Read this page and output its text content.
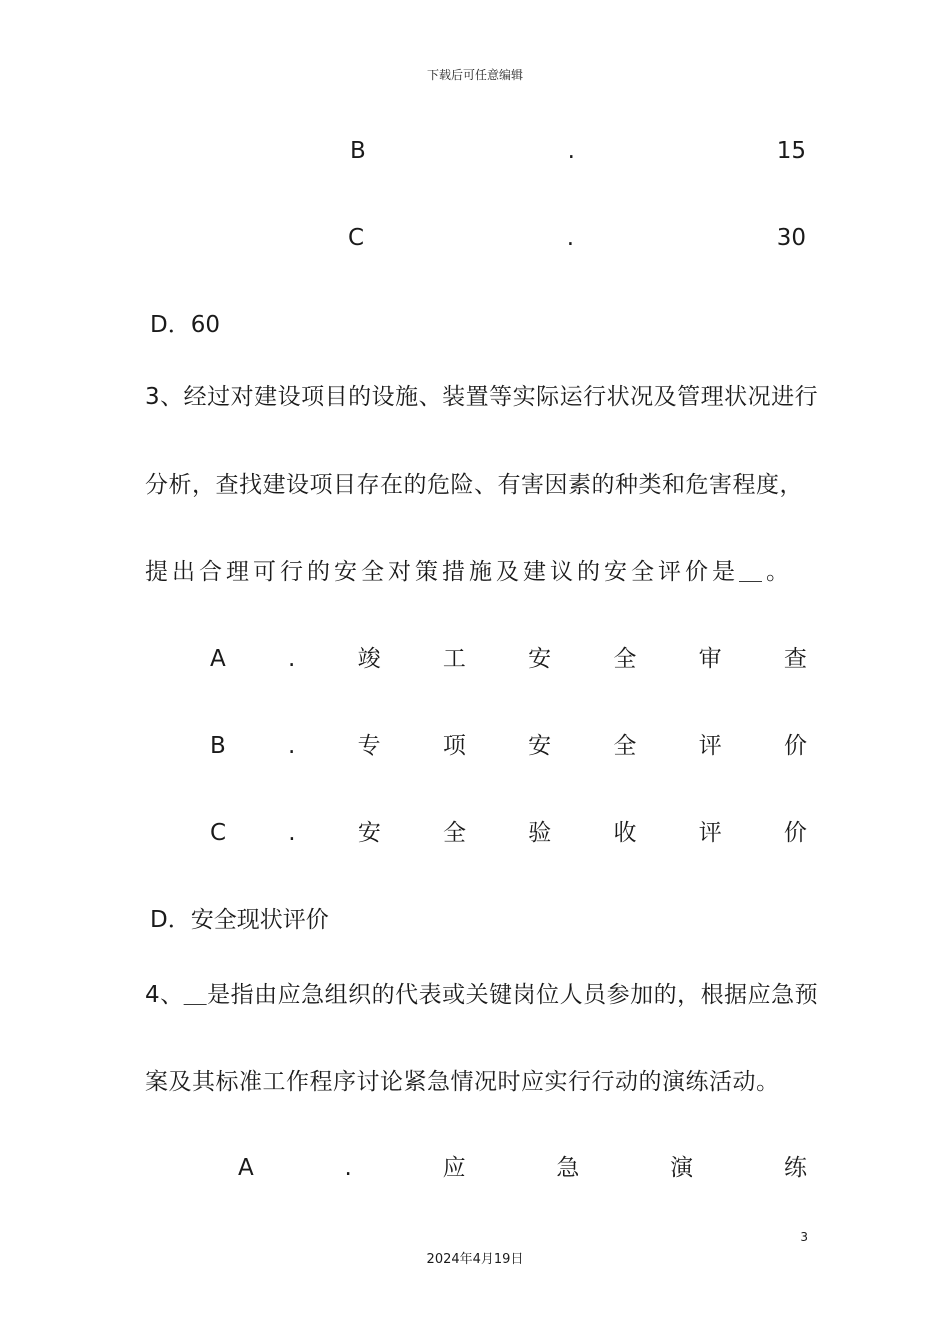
下载后可任意编辑
B	.	15
C	.	30
D．60
3、经过对建设项目的设施、装置等实际运行状况及管理状况进行
分析，查找建设项目存在的危险、有害因素的种类和危害程度，
提出合理可行的安全对策措施及建议的安全评价是＿。
A	.	竣	工	安	全	审	查
B	.	专	项	安	全	评	价
C	.	安	全	验	收	评	价
D．安全现状评价
4、＿是指由应急组织的代表或关键岗位人员参加的，根据应急预
案及其标准工作程序讨论紧急情况时应实行行动的演练活动。
A	.	应	急	演	练
3
2024年4月19日
